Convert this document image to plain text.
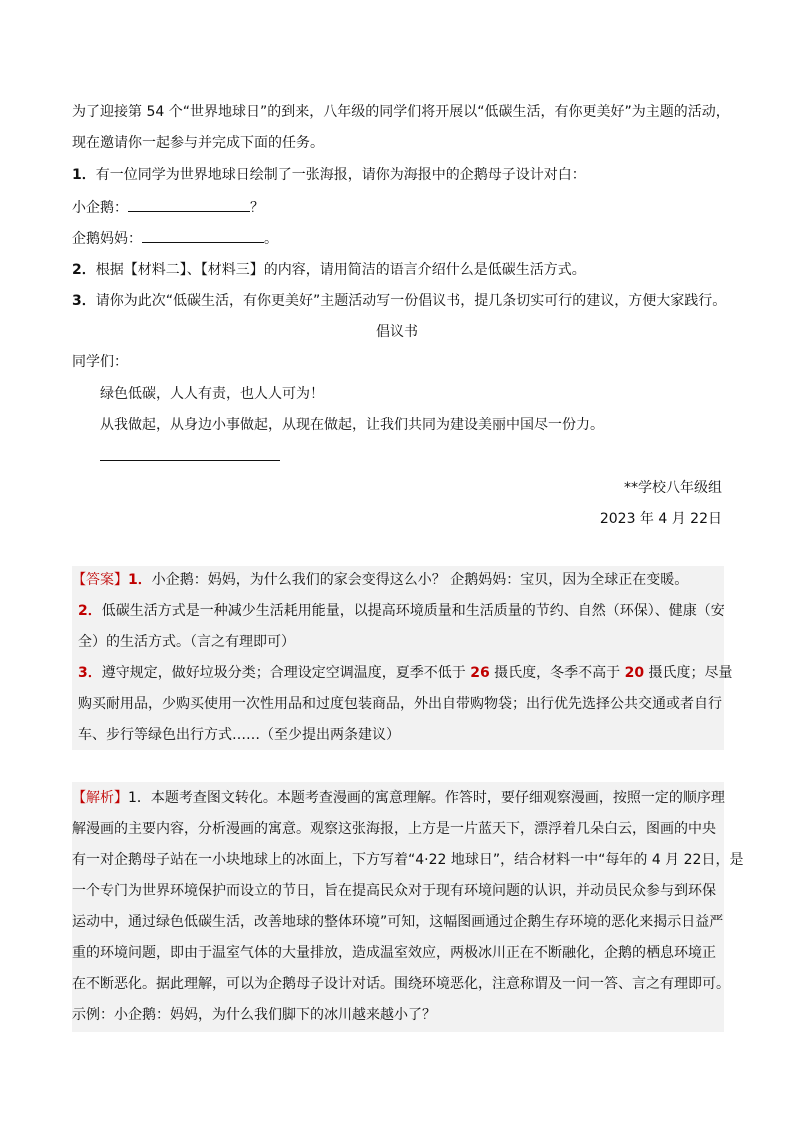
为了迎接第 54 个“世界地球日”的到来，八年级的同学们将开展以“低碳生活，有你更美好”为主题的活动，
现在邀请你一起参与并完成下面的任务。
1．有一位同学为世界地球日绘制了一张海报，请你为海报中的企鹅母子设计对白：
小企鹅：	？
企鹅妈妈：	。
2．根据【材料二】、【材料三】的内容，请用简洁的语言介绍什么是低碳生活方式。
3．请你为此次“低碳生活，有你更美好”主题活动写一份倡议书，提几条切实可行的建议，方便大家践行。
倡议书
同学们：
绿色低碳，人人有责，也人人可为！
从我做起，从身边小事做起，从现在做起，让我们共同为建设美丽中国尽一份力。
**学校八年级组
2023 年 4 月 22日
【答案】1．小企鹅：妈妈，为什么我们的家会变得这么小？ 企鹅妈妈：宝贝，因为全球正在变暖。
2．低碳生活方式是一种减少生活耗用能量，以提高环境质量和生活质量的节约、自然（环保）、健康（安
全）的生活方式。（言之有理即可）
3．遵守规定，做好垃圾分类；合理设定空调温度，夏季不低于 26 摄氏度，冬季不高于 20 摄氏度；尽量
购买耐用品，少购买使用一次性用品和过度包装商品，外出自带购物袋；出行优先选择公共交通或者自行
车、步行等绿色出行方式……（至少提出两条建议）
【解析】1．本题考查图文转化。本题考查漫画的寓意理解。作答时，要仔细观察漫画，按照一定的顺序理
解漫画的主要内容，分析漫画的寓意。观察这张海报，上方是一片蓝天下，漂浮着几朵白云，图画的中央
有一对企鹅母子站在一小块地球上的冰面上，下方写着“4·22 地球日”，结合材料一中“每年的 4 月 22日，是
一个专门为世界环境保护而设立的节日，旨在提高民众对于现有环境问题的认识，并动员民众参与到环保
运动中，通过绿色低碳生活，改善地球的整体环境”可知，这幅图画通过企鹅生存环境的恶化来揭示日益严
重的环境问题，即由于温室气体的大量排放，造成温室效应，两极冰川正在不断融化，企鹅的栖息环境正
在不断恶化。据此理解，可以为企鹅母子设计对话。围绕环境恶化，注意称谓及一问一答、言之有理即可。
示例：小企鹅：妈妈，为什么我们脚下的冰川越来越小了？
